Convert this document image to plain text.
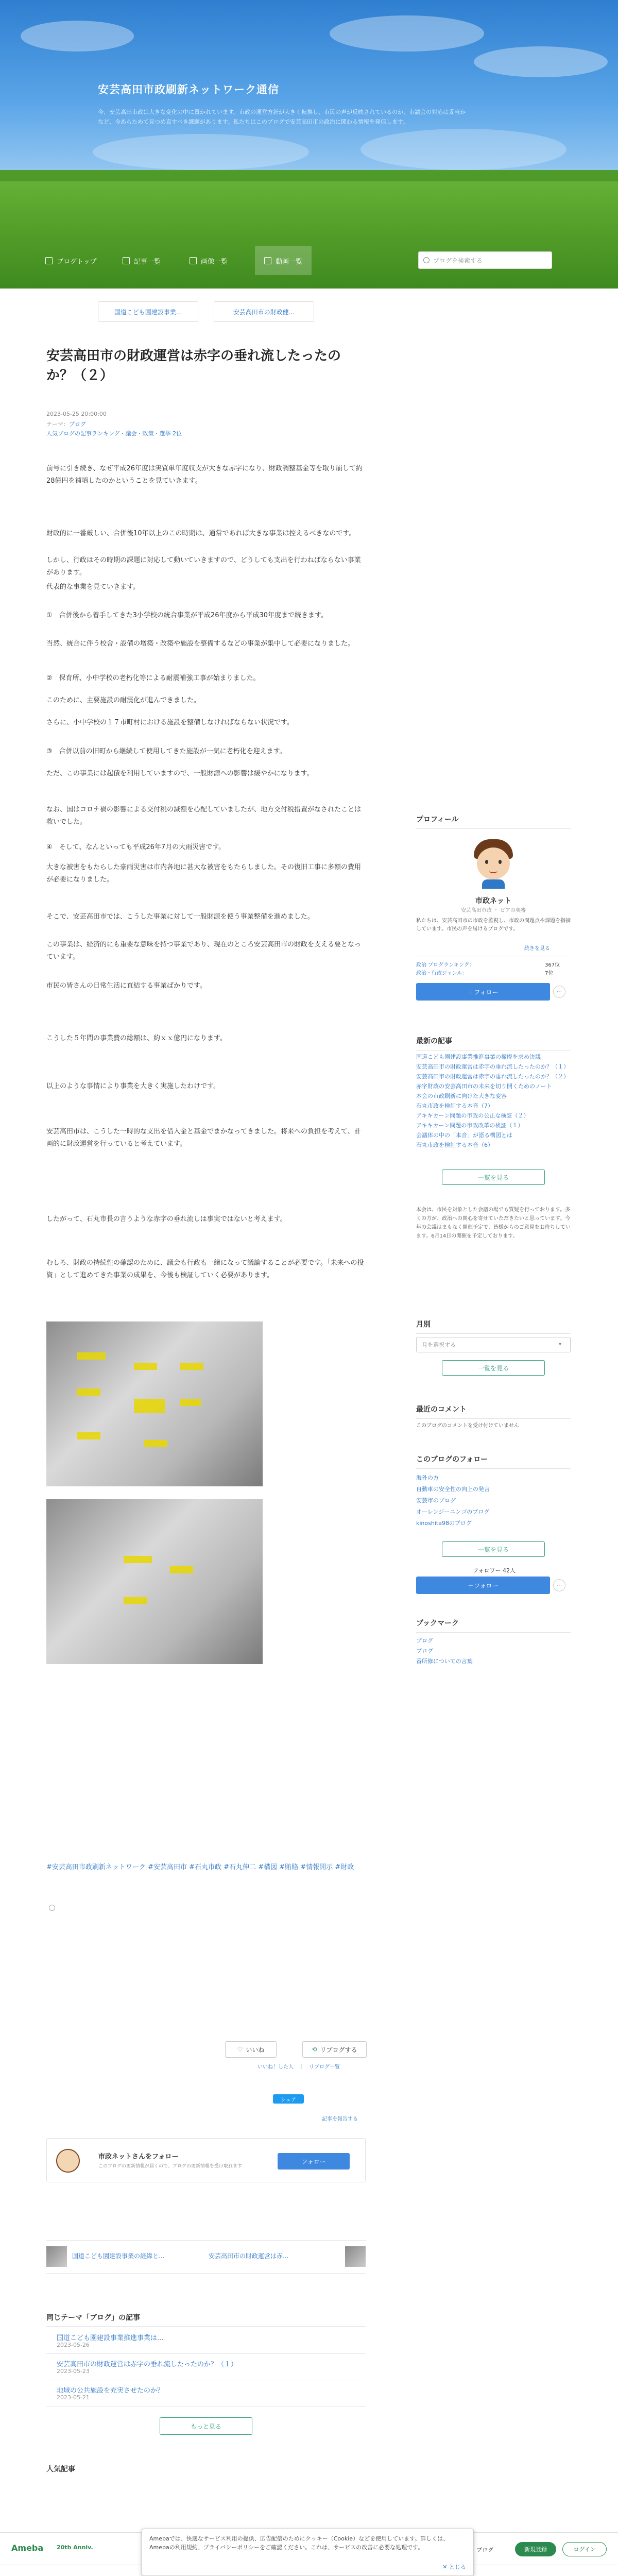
安芸高田市政刷新ネットワーク通信
今、安芸高田市政は大きな変化の中に置かれています。市政の運営方針が大きく転換し、市民の声が反映されているのか、市議会の対応は妥当かなど、今あらためて見つめ直すべき課題があります。私たちはこのブログで安芸高田市の政治に関わる情報を発信します。
ブログトップ	記事一覧	画像一覧	動画一覧	ブログを検索する
国道こども園建設事業...	安芸高田市の財政健...
安芸高田市の財政運営は赤字の垂れ流したったのか？（２）
2023-05-25 20:00:00
テーマ：ブログ
人気ブログの記事ランキング・議会・政策・選挙 2位
前号に引き続き、なぜ平成26年度は実質単年度収支が大きな赤字になり、財政調整基金等を取り崩して約28億円を補填したのかということを見ていきます。
財政的に一番厳しい、合併後10年以上のこの時期は、通常であれば大きな事業は控えるべきなのです。
しかし、行政はその時期の課題に対応して動いていきますので、どうしても支出を行わねばならない事業があります。
代表的な事業を見ていきます。
①　合併後から着手してきた3小学校の統合事業が平成26年度から平成30年度まで続きます。
当然、統合に伴う校舎・設備の増築・改築や施設を整備するなどの事業が集中して必要になりました。
②　保育所、小中学校の老朽化等による耐震補強工事が始まりました。
このために、主要施設の耐震化が進んできました。
さらに、小中学校の１７市町村における施設を整備しなければならない状況です。
③　合併以前の旧町から継続して使用してきた施設が一気に老朽化を迎えます。
ただ、この事業には起債を利用していますので、一般財源への影響は緩やかになります。
なお、国はコロナ禍の影響による交付税の減額を心配していましたが、地方交付税措置がなされたことは救いでした。
④　そして、なんといっても平成26年7月の大雨災害です。
大きな被害をもたらした豪雨災害は市内各地に甚大な被害をもたらしました。その復旧工事に多額の費用が必要になりました。
そこで、安芸高田市では、こうした事業に対して一般財源を使う事業整備を進めました。
この事業は、経済的にも重要な意味を持つ事業であり、現在のところ安芸高田市の財政を支える要となっています。
市民の皆さんの日常生活に直結する事業ばかりです。
こうした５年間の事業費の総額は、約ｘｘ億円になります。
以上のような事情により事業を大きく実施したわけです。
安芸高田市は、こうした一時的な支出を借入金と基金でまかなってきました。将来への負担を考えて、計画的に財政運営を行っていると考えています。
したがって、石丸市長の言うような赤字の垂れ流しは事実ではないと考えます。
むしろ、財政の持続性の確認のために、議会も行政も一緒になって議論することが必要です。「未来への投資」として進めてきた事業の成果を、今後も検証していく必要があります。
#安芸高田市政刷新ネットワーク #安芸高田市 #石丸市政 #石丸伸二 #構図 #賄賂 #情報開示 #財政
♡ いいね	⟲ リブログする
いいね！した人　｜　リブログ一覧
シェア
記事を報告する
市政ネットさんをフォロー
このブログの更新情報が届くので、ブログの更新情報を受け取れます
フォロー
国道こども園建設事業の経緯と...	安芸高田市の財政運営は赤...
同じテーマ「ブログ」の記事
国道こども園建設事業推進事業は...
2023-05-26
安芸高田市の財政運営は赤字の垂れ流したったのか？（１）
2023-05-23
地域の公共施設を充実させたのか？
2023-05-21
もっと見る
人気記事
プロフィール
市政ネット
安芸高田市政 ・ ビアの奥審
私たちは、安芸高田市の市政を監視し、市政の問題点や課題を指摘しています。市民の声を届けるブログです。
続きを見る
政治 プログランキング：	367位
政治・行政ジャンル：	7位
＋フォロー	⋯
最新の記事
国道こども園建設事業推進事業の撤廃を求め決議
安芸高田市の財政運営は赤字の垂れ流したったのか？（１）
安芸高田市の財政運営は赤字の垂れ流したったのか？（２）
赤字財政の安芸高田市の未来を切り開くためのノート
本会の市政刷新に向けた大きな変容
石丸市政を検証する本音（7）
アキキカーン問題の市政の公正な検証（２）
アキキカーン問題の市政改革の検証（１）
会議体の中の「本音」が語る構図とは
石丸市政を検証する本音（6）
一覧を見る
本会は、市民を対象とした会議の場でも質疑を行っております。多くの方が、政治への関心を寄せていただきたいと思っています。今年の会議はまもなく開催予定で、皆様からのご意見をお待ちしています。6月14日の開催を予定しております。
月別
月を選択する	▾
一覧を見る
最近のコメント
このブログのコメントを受け付けていません
このブログのフォロー
海外の方
自動車の安全性の向上の発言
安芸市のブログ
オーレンジーニンゴのブログ
kinoshita98のブログ
一覧を見る
フォロワー 42人
＋フォロー	⋯
ブックマーク
ブログ
ブログ
番所修についての言葉
Ameba 20th Anniv.	ブログ	新規登録	ログイン
Amebaでは、快適なサービス利用の提供、広告配信のためにクッキー（Cookie）などを使用しています。詳しくは、Amebaの利用規約、プライバシーポリシーをご確認ください。これは、サービスの改善に必要な処理です。
✕ とじる
